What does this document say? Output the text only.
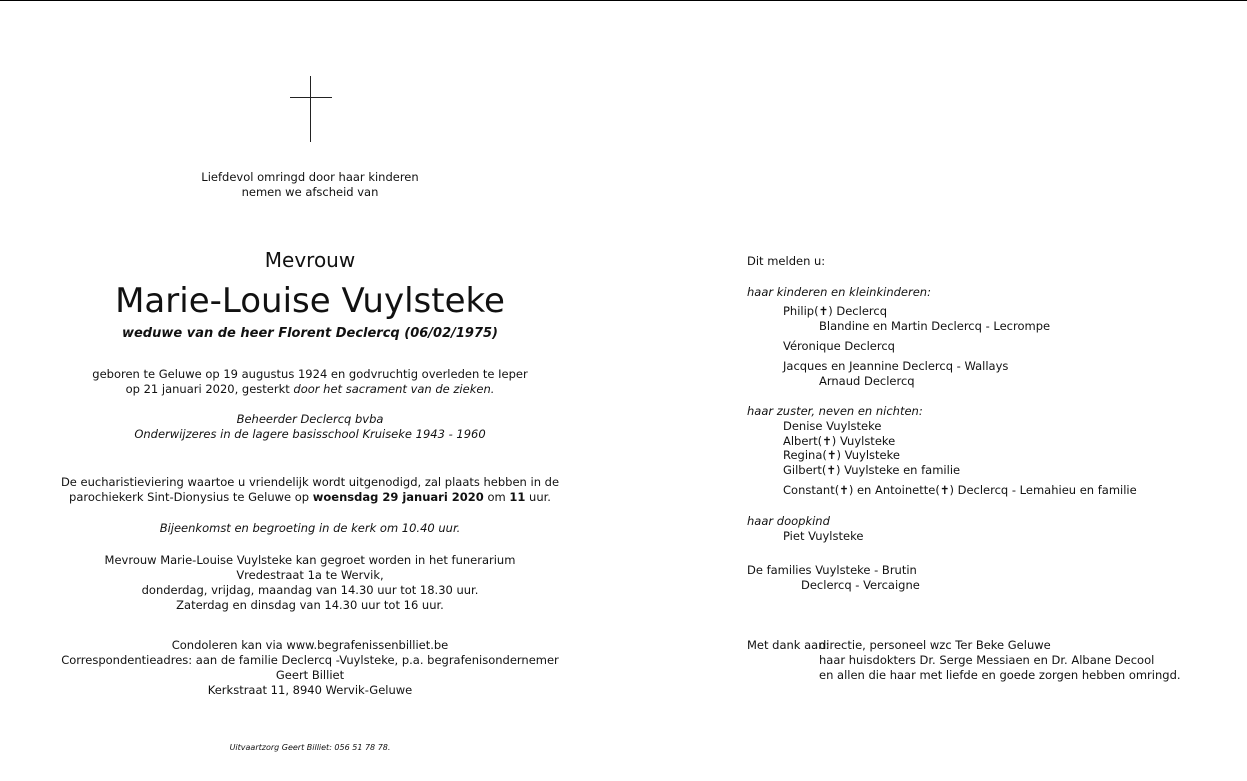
Liefdevol omringd door haar kinderen
nemen we afscheid van
Mevrouw
Marie-Louise Vuylsteke
weduwe van de heer Florent Declercq (06/02/1975)
geboren te Geluwe op 19 augustus 1924 en godvruchtig overleden te Ieper
op 21 januari 2020, gesterkt door het sacrament van de zieken.
Beheerder Declercq bvba
Onderwijzeres in de lagere basisschool Kruiseke 1943 - 1960
De eucharistieviering waartoe u vriendelijk wordt uitgenodigd, zal plaats hebben in de
parochiekerk Sint-Dionysius te Geluwe op woensdag 29 januari 2020 om 11 uur.
Bijeenkomst en begroeting in de kerk om 10.40 uur.
Mevrouw Marie-Louise Vuylsteke kan gegroet worden in het funerarium
Vredestraat 1a te Wervik,
donderdag, vrijdag, maandag van 14.30 uur tot 18.30 uur.
Zaterdag en dinsdag van 14.30 uur tot 16 uur.
Condoleren kan via www.begrafenissenbilliet.be
Correspondentieadres: aan de familie Declercq -Vuylsteke, p.a. begrafenisondernemer Geert Billiet
Kerkstraat 11, 8940 Wervik-Geluwe
Uitvaartzorg Geert Billiet: 056 51 78 78.
Dit melden u:
haar kinderen en kleinkinderen:
Philip(✝) Declercq
Blandine en Martin Declercq - Lecrompe
Véronique Declercq
Jacques en Jeannine Declercq - Wallays
Arnaud Declercq
haar zuster, neven en nichten:
Denise Vuylsteke
Albert(✝) Vuylsteke
Regina(✝) Vuylsteke
Gilbert(✝) Vuylsteke en familie
Constant(✝) en Antoinette(✝) Declercq - Lemahieu en familie
haar doopkind
Piet Vuylsteke
De families Vuylsteke - Brutin
Declercq - Vercaigne
Met dank aan:
directie, personeel wzc Ter Beke Geluwe
haar huisdokters Dr. Serge Messiaen en Dr. Albane Decool
en allen die haar met liefde en goede zorgen hebben omringd.
